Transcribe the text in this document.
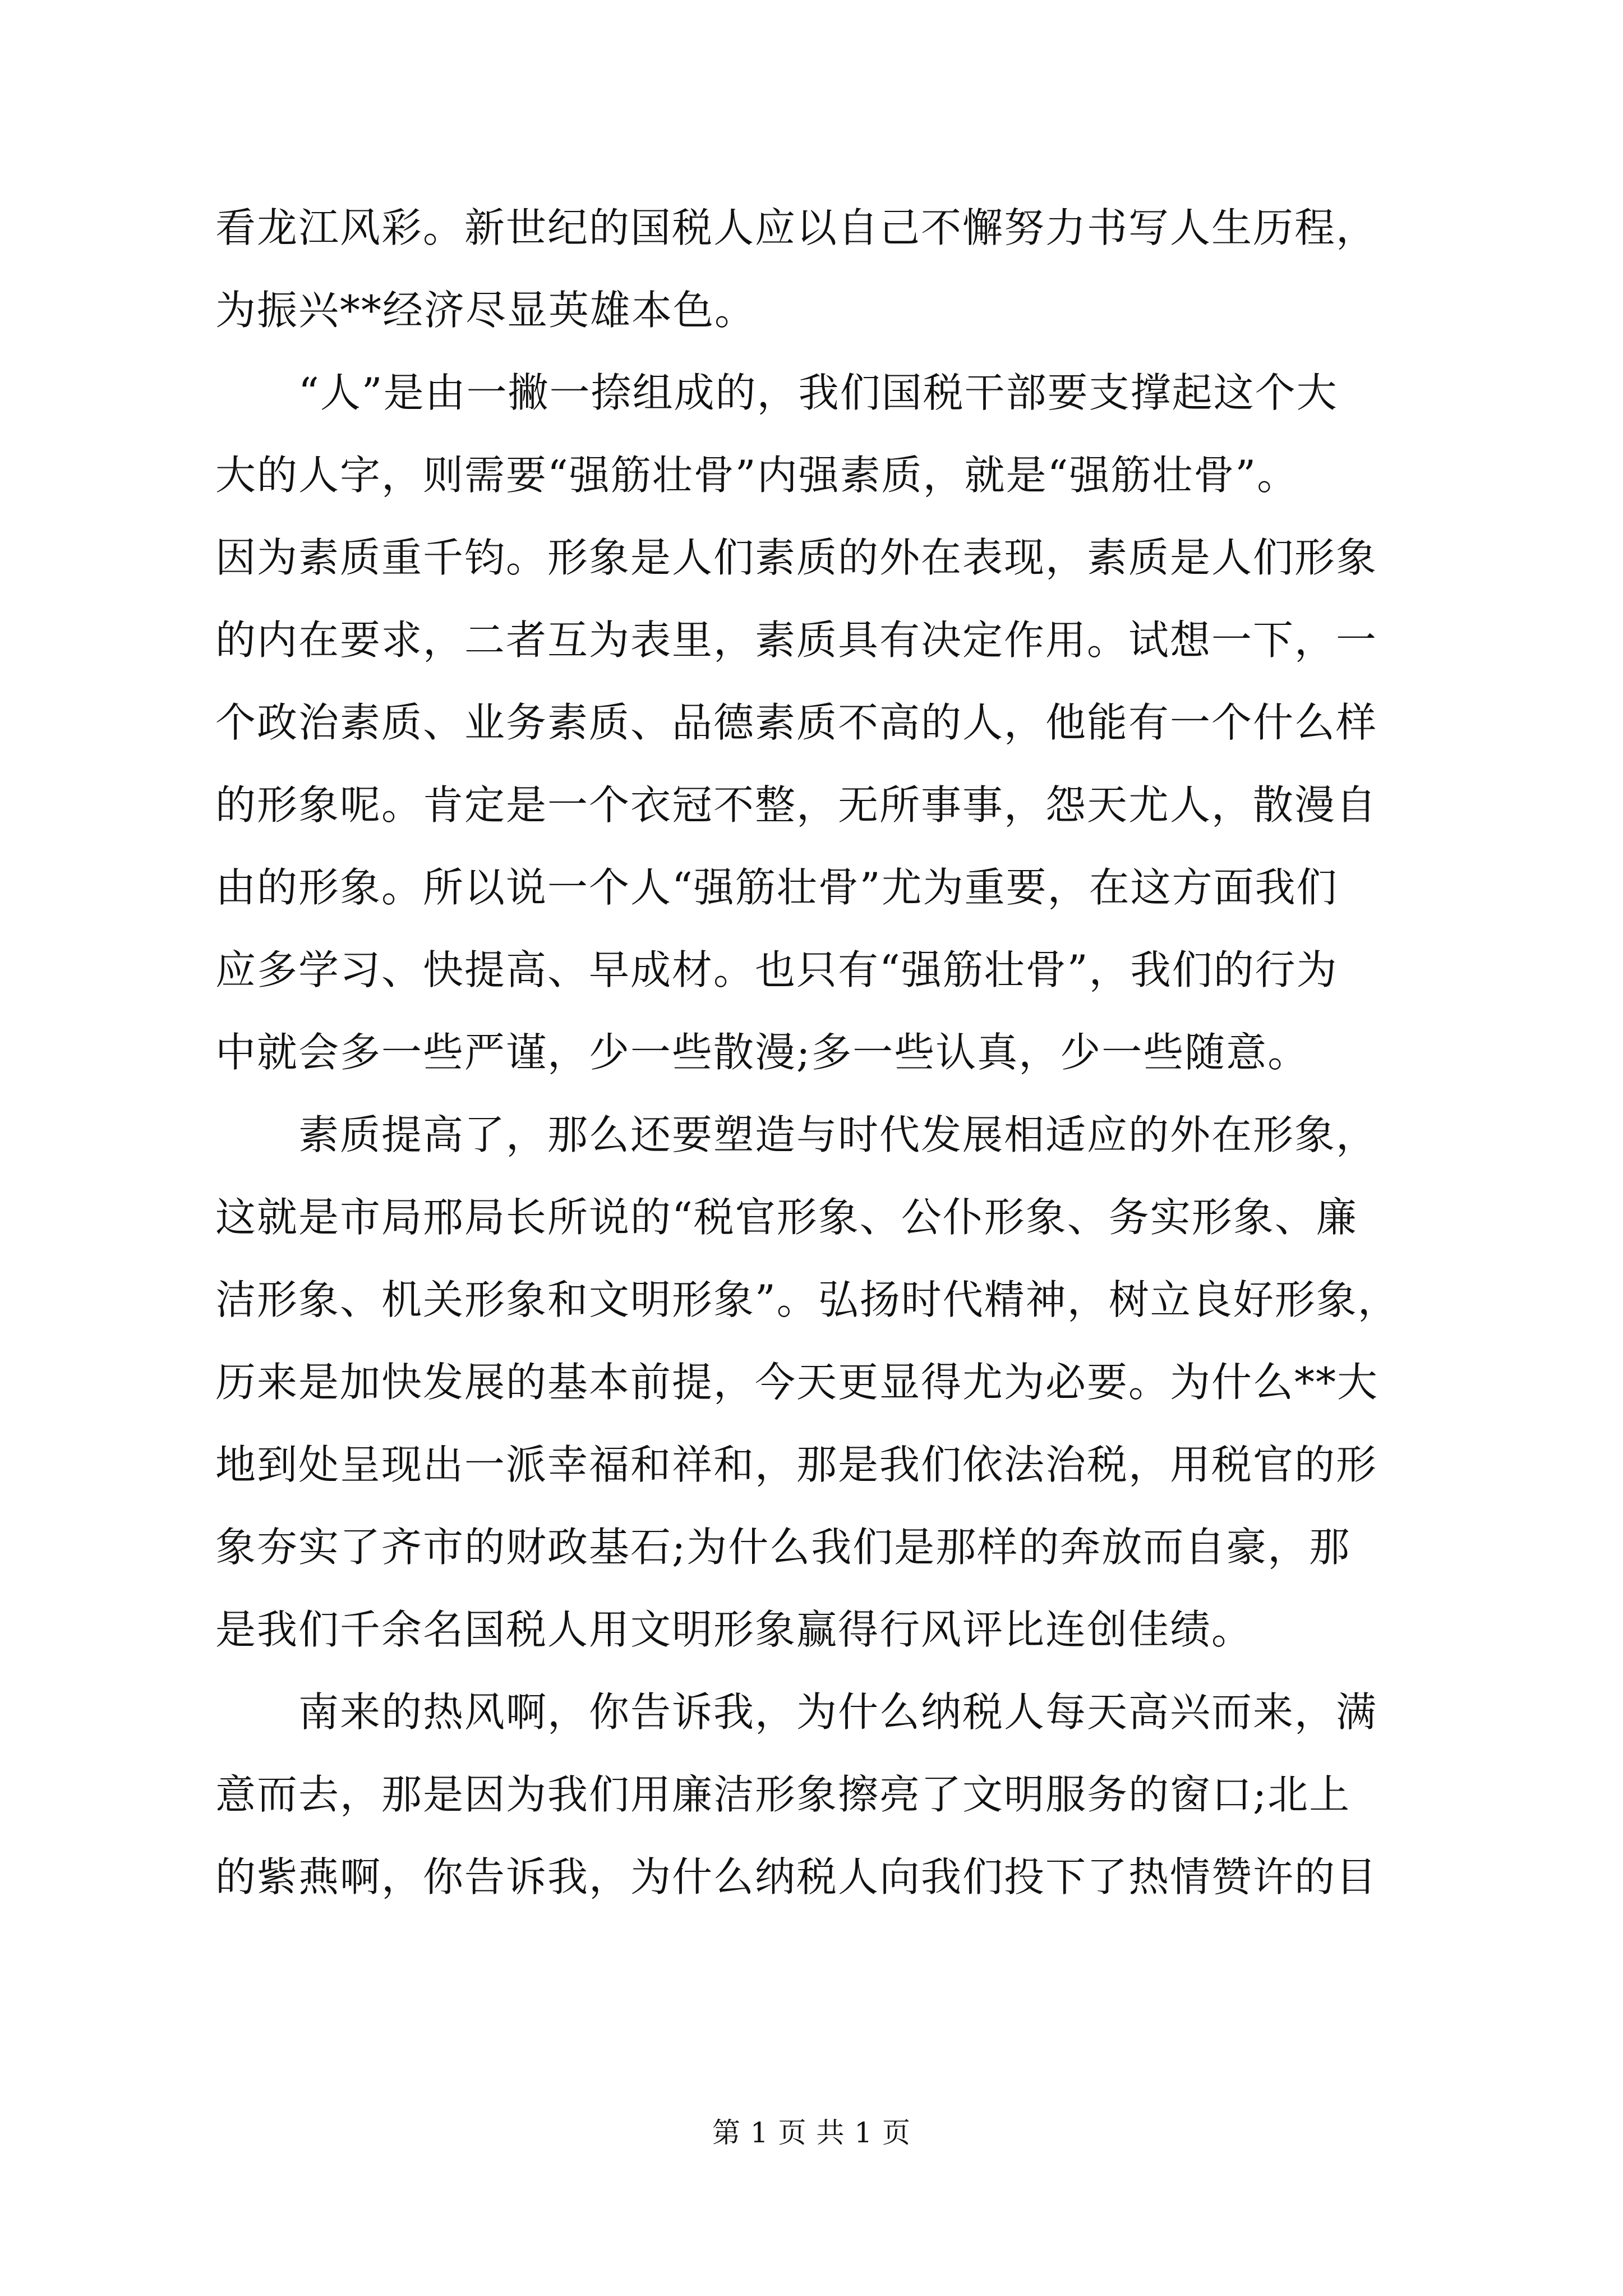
看龙江风彩。新世纪的国税人应以自己不懈努力书写人生历程，
为振兴**经济尽显英雄本色。
　　“人”是由一撇一捺组成的，我们国税干部要支撑起这个大
大的人字，则需要“强筋壮骨”内强素质，就是“强筋壮骨”。
因为素质重千钧。形象是人们素质的外在表现，素质是人们形象
的内在要求，二者互为表里，素质具有决定作用。试想一下，一
个政治素质、业务素质、品德素质不高的人，他能有一个什么样
的形象呢。肯定是一个衣冠不整，无所事事，怨天尤人，散漫自
由的形象。所以说一个人“强筋壮骨”尤为重要，在这方面我们
应多学习、快提高、早成材。也只有“强筋壮骨”，我们的行为
中就会多一些严谨，少一些散漫;多一些认真，少一些随意。
　　素质提高了，那么还要塑造与时代发展相适应的外在形象，
这就是市局邢局长所说的“税官形象、公仆形象、务实形象、廉
洁形象、机关形象和文明形象”。弘扬时代精神，树立良好形象，
历来是加快发展的基本前提，今天更显得尤为必要。为什么**大
地到处呈现出一派幸福和祥和，那是我们依法治税，用税官的形
象夯实了齐市的财政基石;为什么我们是那样的奔放而自豪，那
是我们千余名国税人用文明形象赢得行风评比连创佳绩。
　　南来的热风啊，你告诉我，为什么纳税人每天高兴而来，满
意而去，那是因为我们用廉洁形象擦亮了文明服务的窗口;北上
的紫燕啊，你告诉我，为什么纳税人向我们投下了热情赞许的目
第 1 页 共 1 页
